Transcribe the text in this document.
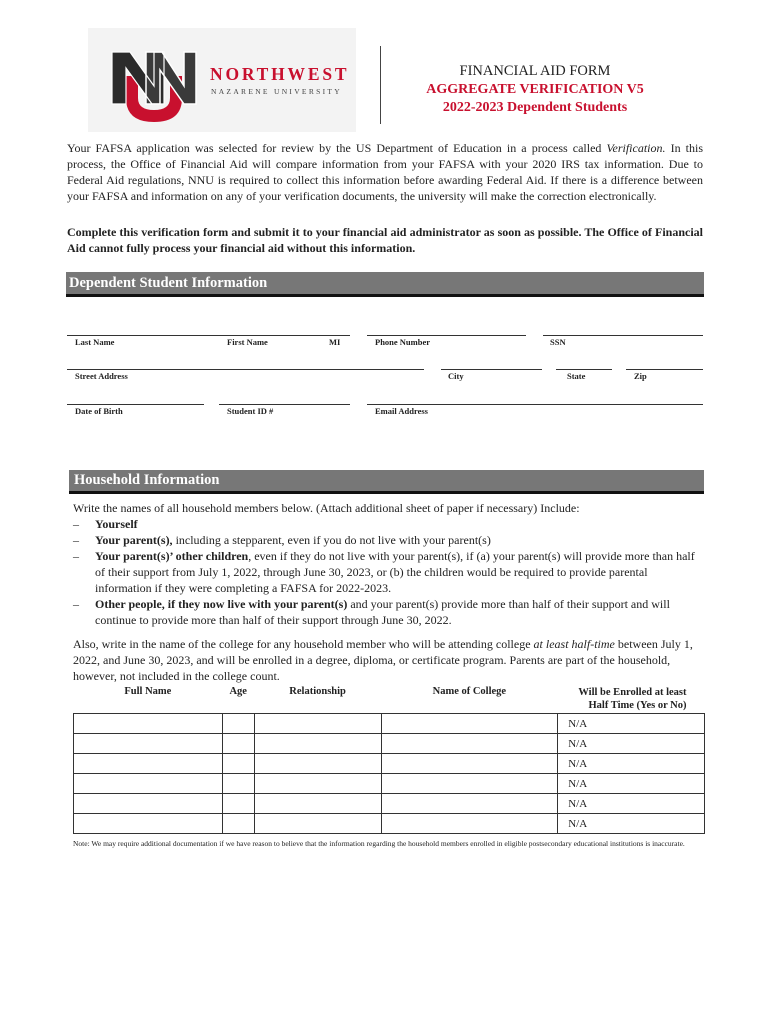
NORTHWEST
NAZARENE UNIVERSITY
FINANCIAL AID FORM
AGGREGATE VERIFICATION V5
2022-2023 Dependent Students
Your FAFSA application was selected for review by the US Department of Education in a process called Verification. In this process, the Office of Financial Aid will compare information from your FAFSA with your 2020 IRS tax information. Due to Federal Aid regulations, NNU is required to collect this information before awarding Federal Aid. If there is a difference between your FAFSA and information on any of your verification documents, the university will make the correction electronically.
Complete this verification form and submit it to your financial aid administrator as soon as possible. The Office of Financial Aid cannot fully process your financial aid without this information.
Dependent Student Information
Last Name	First Name	MI	Phone Number	SSN
Street Address	City	State	Zip
Date of Birth	Student ID #	Email Address
Household Information
Write the names of all household members below. (Attach additional sheet of paper if necessary) Include:
– Yourself
– Your parent(s), including a stepparent, even if you do not live with your parent(s)
– Your parent(s)’ other children, even if they do not live with your parent(s), if (a) your parent(s) will provide more than half of their support from July 1, 2022, through June 30, 2023, or (b) the children would be required to provide parental information if they were completing a FAFSA for 2022-2023.
– Other people, if they now live with your parent(s) and your parent(s) provide more than half of their support and will continue to provide more than half of their support through June 30, 2022.
Also, write in the name of the college for any household member who will be attending college at least half-time between July 1, 2022, and June 30, 2023, and will be enrolled in a degree, diploma, or certificate program. Parents are part of the household, however, not included in the college count.
Full Name	Age	Relationship	Name of College	Will be Enrolled at least Half Time (Yes or No)
				N/A
				N/A
				N/A
				N/A
				N/A
				N/A
Note: We may require additional documentation if we have reason to believe that the information regarding the household members enrolled in eligible postsecondary educational institutions is inaccurate.
